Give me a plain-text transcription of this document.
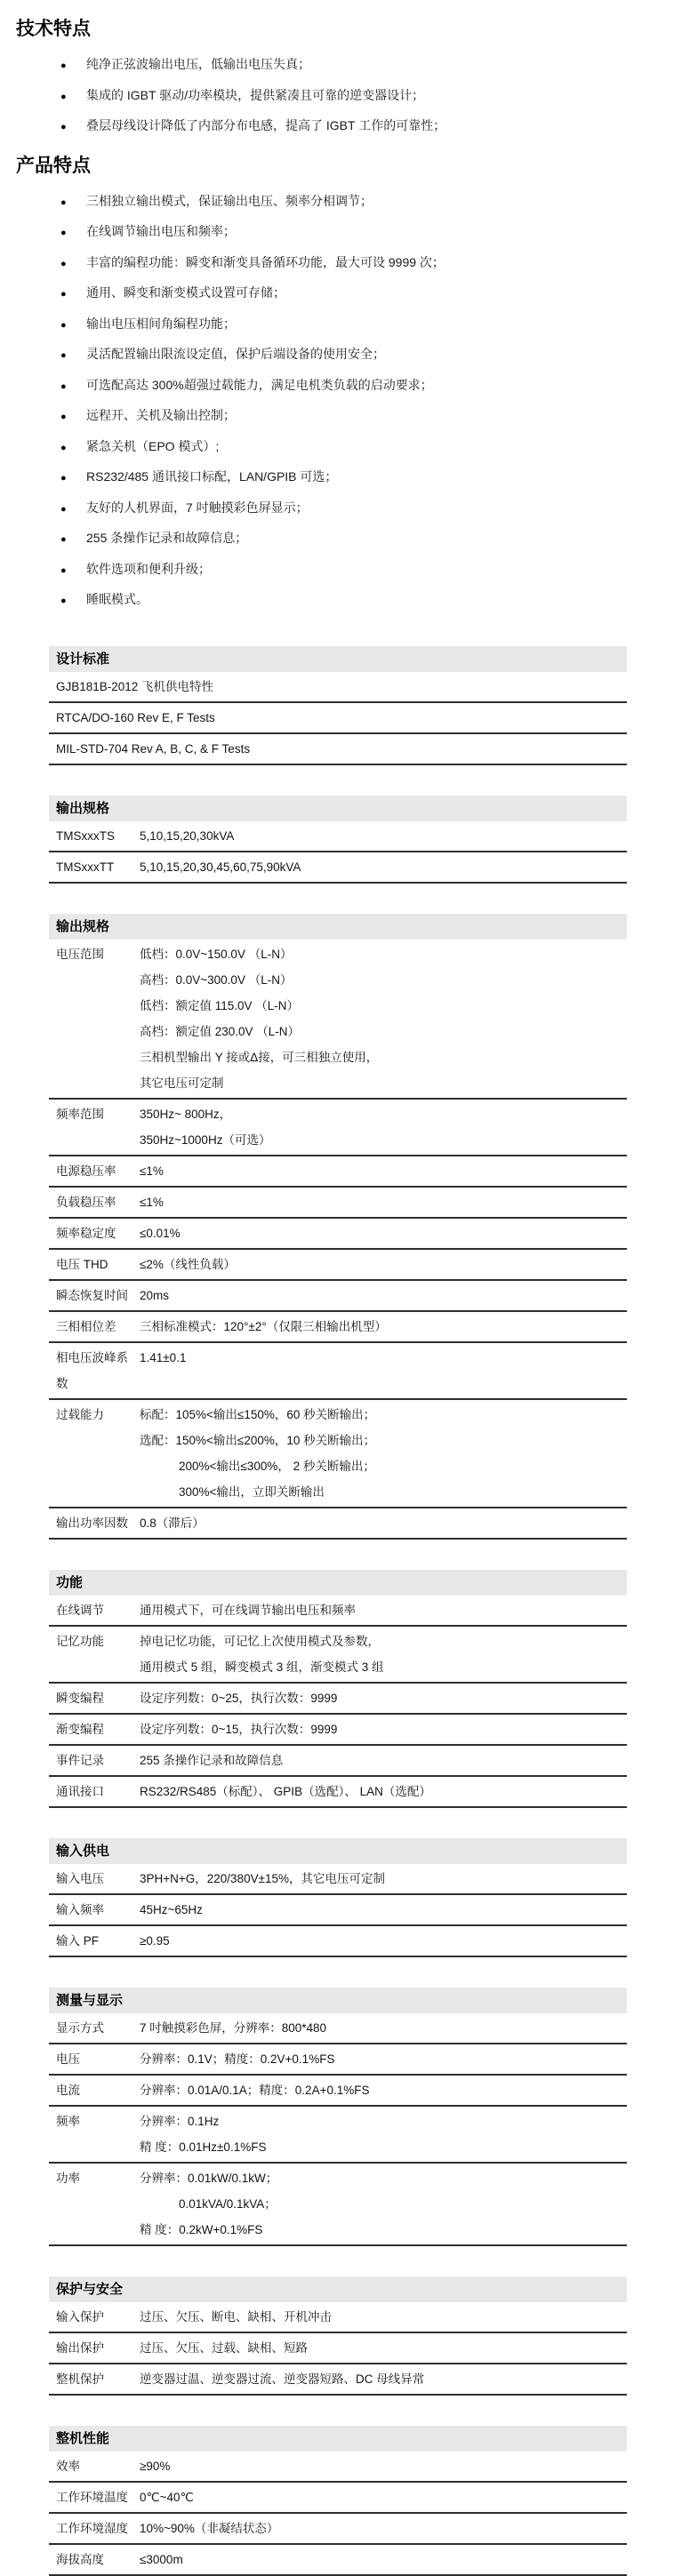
技术特点
●	纯净正弦波输出电压，低输出电压失真；
●	集成的 IGBT 驱动/功率模块，提供紧凑且可靠的逆变器设计；
●	叠层母线设计降低了内部分布电感，提高了 IGBT 工作的可靠性；
产品特点
●	三相独立输出模式，保证输出电压、频率分相调节；
●	在线调节输出电压和频率；
●	丰富的编程功能：瞬变和渐变具备循环功能，最大可设 9999 次；
●	通用、瞬变和渐变模式设置可存储；
●	输出电压相间角编程功能；
●	灵活配置输出限流设定值，保护后端设备的使用安全；
●	可选配高达 300%超强过载能力，满足电机类负载的启动要求；
●	远程开、关机及输出控制；
●	紧急关机（EPO 模式）;
●	RS232/485 通讯接口标配，LAN/GPIB 可选；
●	友好的人机界面，7 吋触摸彩色屏显示；
●	255 条操作记录和故障信息；
●	软件选项和便利升级；
●	睡眠模式。
设计标准
GJB181B-2012 飞机供电特性
RTCA/DO-160 Rev E, F Tests
MIL-STD-704 Rev A, B, C, & F Tests
输出规格
TMSxxxTS	5,10,15,20,30kVA
TMSxxxTT	5,10,15,20,30,45,60,75,90kVA
输出规格
电压范围	低档：0.0V~150.0V （L-N）
高档：0.0V~300.0V （L-N）
低档：额定值 115.0V （L-N）
高档：额定值 230.0V （L-N）
三相机型输出 Y 接或Δ接，可三相独立使用，
其它电压可定制
频率范围	350Hz~ 800Hz，
350Hz~1000Hz（可选）
电源稳压率	≤1%
负载稳压率	≤1%
频率稳定度	≤0.01%
电压 THD	≤2%（线性负载）
瞬态恢复时间 20ms
三相相位差	三相标准模式：120°±2°（仅限三相输出机型）
相电压波峰系数
1.41±0.1
过载能力	标配：105%<输出≤150%，60 秒关断输出；
选配：150%<输出≤200%，10 秒关断输出；
200%<输出≤300%， 2 秒关断输出；
300%<输出，立即关断输出
输出功率因数 0.8（滞后）
功能
在线调节	通用模式下，可在线调节输出电压和频率
记忆功能	掉电记忆功能，可记忆上次使用模式及参数，
通用模式 5 组，瞬变模式 3 组，渐变模式 3 组
瞬变编程	设定序列数：0~25，执行次数：9999
渐变编程	设定序列数：0~15，执行次数：9999
事件记录	255 条操作记录和故障信息
通讯接口	RS232/RS485（标配）、 GPIB（选配）、 LAN（选配）
输入供电
输入电压	3PH+N+G，220/380V±15%，其它电压可定制
输入频率	45Hz~65Hz
输入 PF	≥0.95
测量与显示
显示方式	7 吋触摸彩色屏，分辨率：800*480
电压	分辨率：0.1V；精度：0.2V+0.1%FS
电流	分辨率：0.01A/0.1A；精度：0.2A+0.1%FS
频率	分辨率：0.1Hz
精 度：0.01Hz±0.1%FS
功率	分辨率：0.01kW/0.1kW；
0.01kVA/0.1kVA；
精 度：0.2kW+0.1%FS
保护与安全
输入保护	过压、欠压、断电、缺相、开机冲击
输出保护	过压、欠压、过载、缺相、短路
整机保护	逆变器过温、逆变器过流、逆变器短路、DC 母线异常
整机性能
效率	≥90%
工作环境温度 0℃~40℃
工作环境湿度 10%~90%（非凝结状态）
海拔高度	≤3000m
